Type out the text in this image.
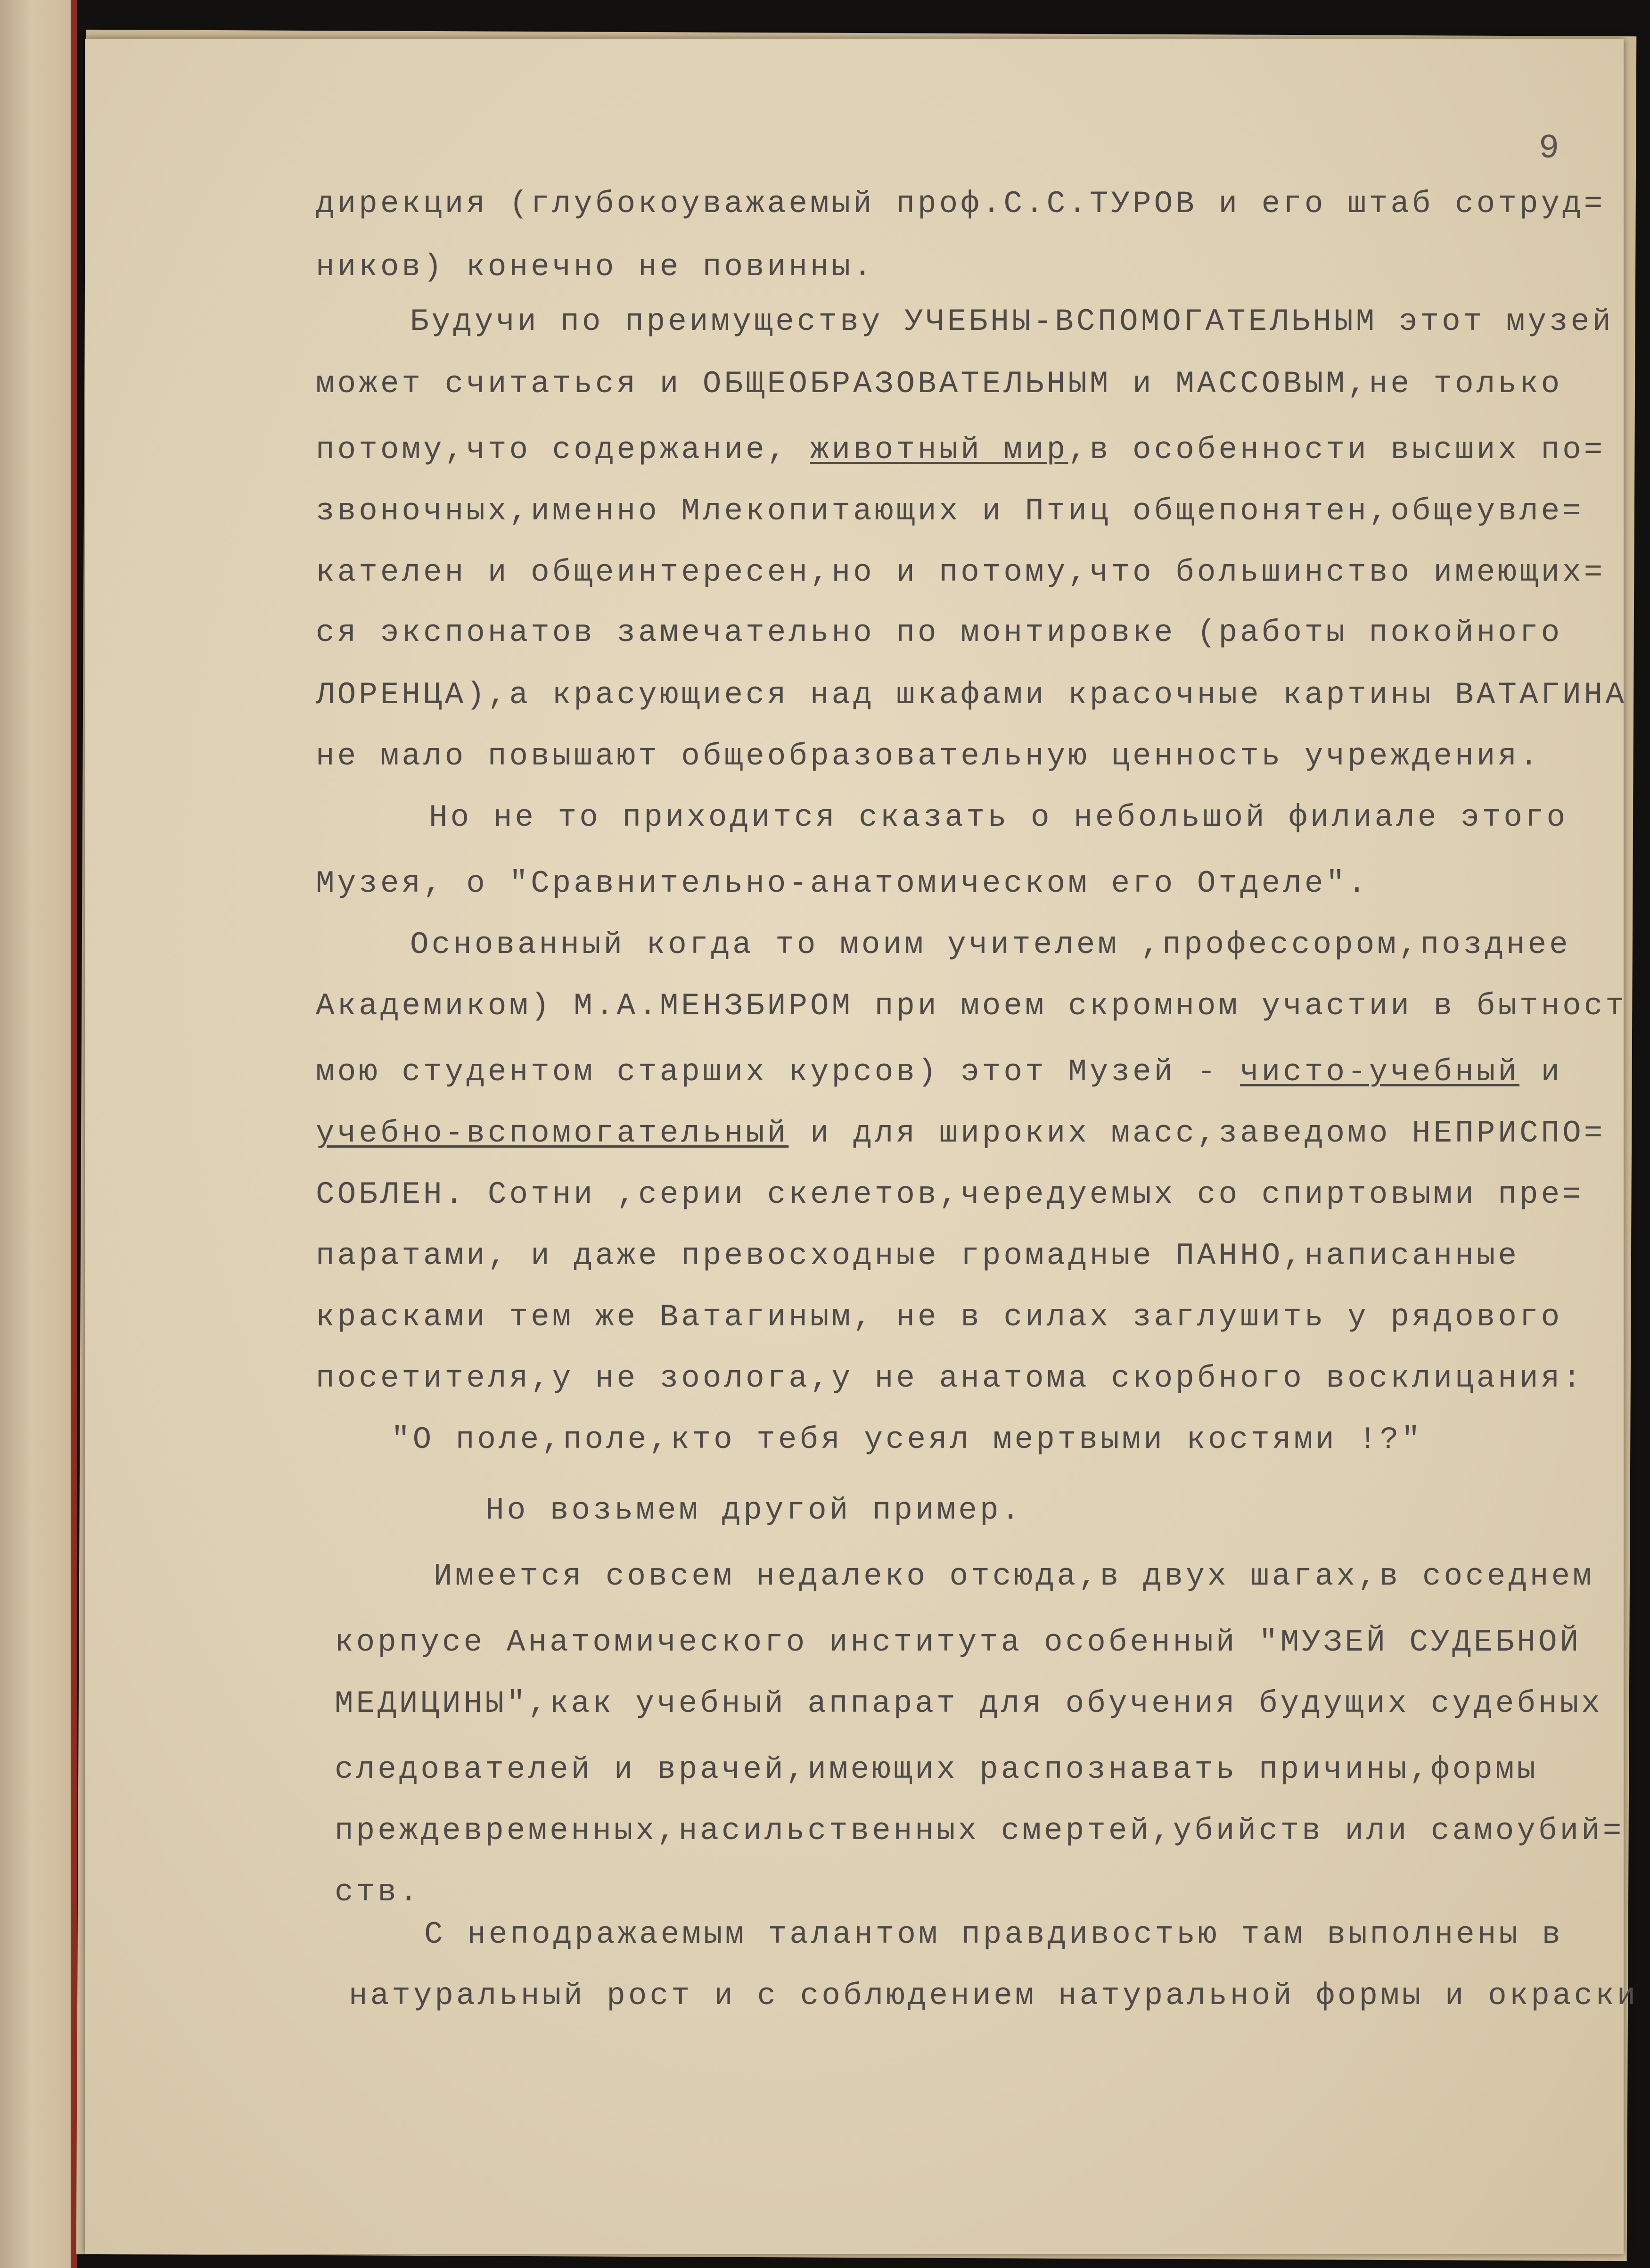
9
дирекция (глубокоуважаемый проф.С.С.ТУРОВ и его штаб сотруд=
ников) конечно не повинны.
Будучи по преимуществу УЧЕБНЫ-ВСПОМОГАТЕЛЬНЫМ этот музей
может считаться и ОБЩЕОБРАЗОВАТЕЛЬНЫМ и МАССОВЫМ,не только
потому,что содержание, животный мир,в особенности высших по=
звоночных,именно Млекопитающих и Птиц общепонятен,общеувле=
кателен и общеинтересен,но и потому,что большинство имеющих=
ся экспонатов замечательно по монтировке (работы покойного
ЛОРЕНЦА),а красующиеся над шкафами красочные картины ВАТАГИНА
не мало повышают общеобразовательную ценность учреждения.
Но не то приходится сказать о небольшой филиале этого
Музея, о "Сравнительно-анатомическом его Отделе".
Основанный когда то моим учителем ,профессором,позднее
Академиком) М.А.МЕНЗБИРОМ при моем скромном участии в бытност
мою студентом старших курсов) этот Музей - чисто-учебный и
учебно-вспомогательный и для широких масс,заведомо НЕПРИСПО=
СОБЛЕН. Сотни ,серии скелетов,чередуемых со спиртовыми пре=
паратами, и даже превосходные громадные ПАННО,написанные
красками тем же Ватагиным, не в силах заглушить у рядового
посетителя,у не зоолога,у не анатома скорбного восклицания:
"О поле,поле,кто тебя усеял мертвыми костями !?"
Но возьмем другой пример.
Имеется совсем недалеко отсюда,в двух шагах,в соседнем
корпусе Анатомического института особенный "МУЗЕЙ СУДЕБНОЙ
МЕДИЦИНЫ",как учебный аппарат для обучения будущих судебных
следователей и врачей,имеющих распознавать причины,формы
преждевременных,насильственных смертей,убийств или самоубий=
ств.
С неподражаемым талантом правдивостью там выполнены в
натуральный рост и с соблюдением натуральной формы и окраски
